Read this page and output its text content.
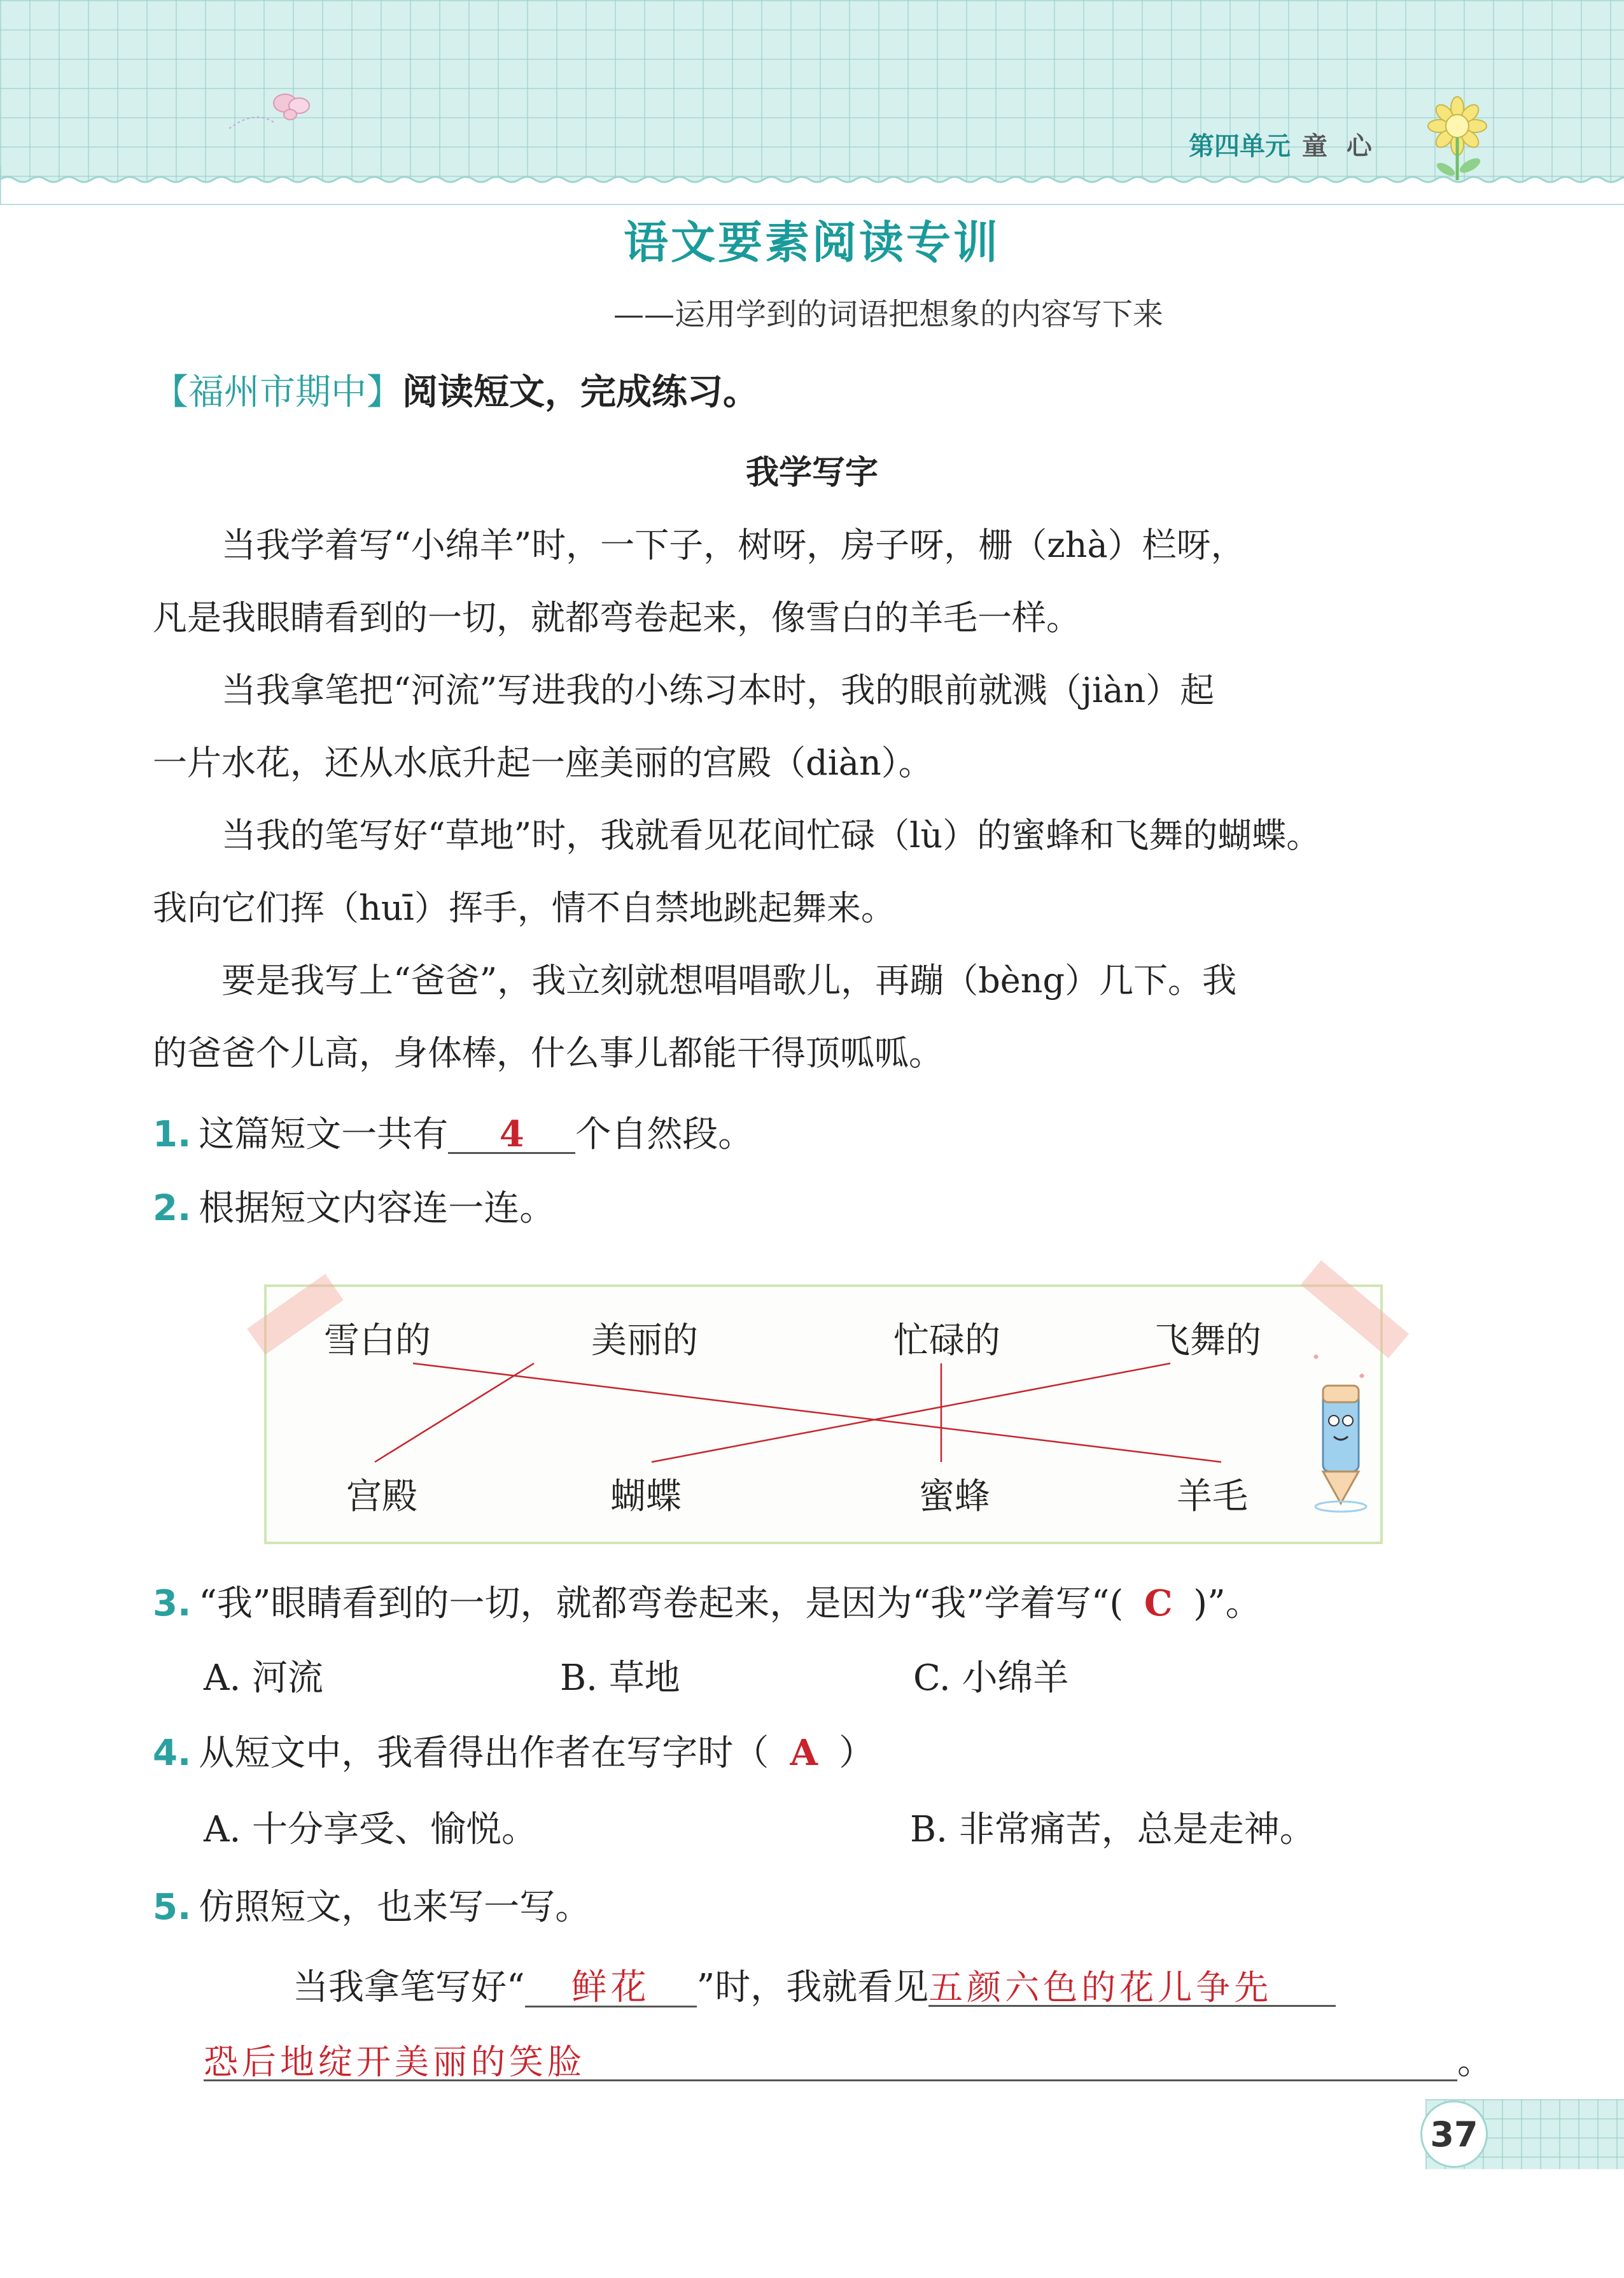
第四单元 童 心
语文要素阅读专训
——运用学到的词语把想象的内容写下来
【福州市期中】阅读短文，完成练习。
我学写字
　　当我学着写“小绵羊”时，一下子，树呀，房子呀，栅（zhà）栏呀，
凡是我眼睛看到的一切，就都弯卷起来，像雪白的羊毛一样。
　　当我拿笔把“河流”写进我的小练习本时，我的眼前就溅（jiàn）起
一片水花，还从水底升起一座美丽的宫殿（diàn）。
　　当我的笔写好“草地”时，我就看见花间忙碌（lù）的蜜蜂和飞舞的蝴蝶。
我向它们挥（huī）挥手，情不自禁地跳起舞来。
　　要是我写上“爸爸”，我立刻就想唱唱歌儿，再蹦（bèng）几下。我
的爸爸个儿高，身体棒，什么事儿都能干得顶呱呱。
1. 这篇短文一共有 4 个自然段。
2. 根据短文内容连一连。
雪白的	美丽的	忙碌的	飞舞的
宫殿	蝴蝶	蜜蜂	羊毛
3. “我”眼睛看到的一切，就都弯卷起来，是因为“我”学着写“( C )”。
A. 河流	B. 草地	C. 小绵羊
4. 从短文中，我看得出作者在写字时（ A ）
A. 十分享受、愉悦。	B. 非常痛苦，总是走神。
5. 仿照短文，也来写一写。
当我拿笔写好“ 鲜花 ”时，我就看见五颜六色的花儿争先
恐后地绽开美丽的笑脸	。
37
